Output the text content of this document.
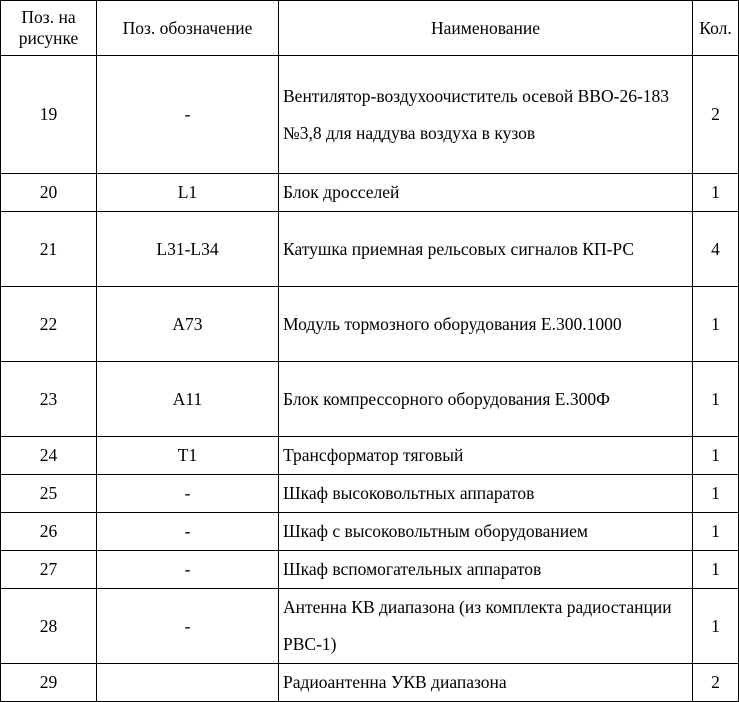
Поз. на рисунке	Поз. обозначение	Наименование	Кол.
19	-	Вентилятор-воздухоочиститель осевой ВВО-26-183 №3,8 для наддува воздуха в кузов	2
20	L1	Блок дросселей	1
21	L31-L34	Катушка приемная рельсовых сигналов КП-РС	4
22	A73	Модуль тормозного оборудования Е.300.1000	1
23	A11	Блок компрессорного оборудования Е.300Ф	1
24	T1	Трансформатор тяговый	1
25	-	Шкаф высоковольтных аппаратов	1
26	-	Шкаф с высоковольтным оборудованием	1
27	-	Шкаф вспомогательных аппаратов	1
28	-	Антенна КВ диапазона (из комплекта радиостанции РВС-1)	1
29		Радиоантенна УКВ диапазона	2
